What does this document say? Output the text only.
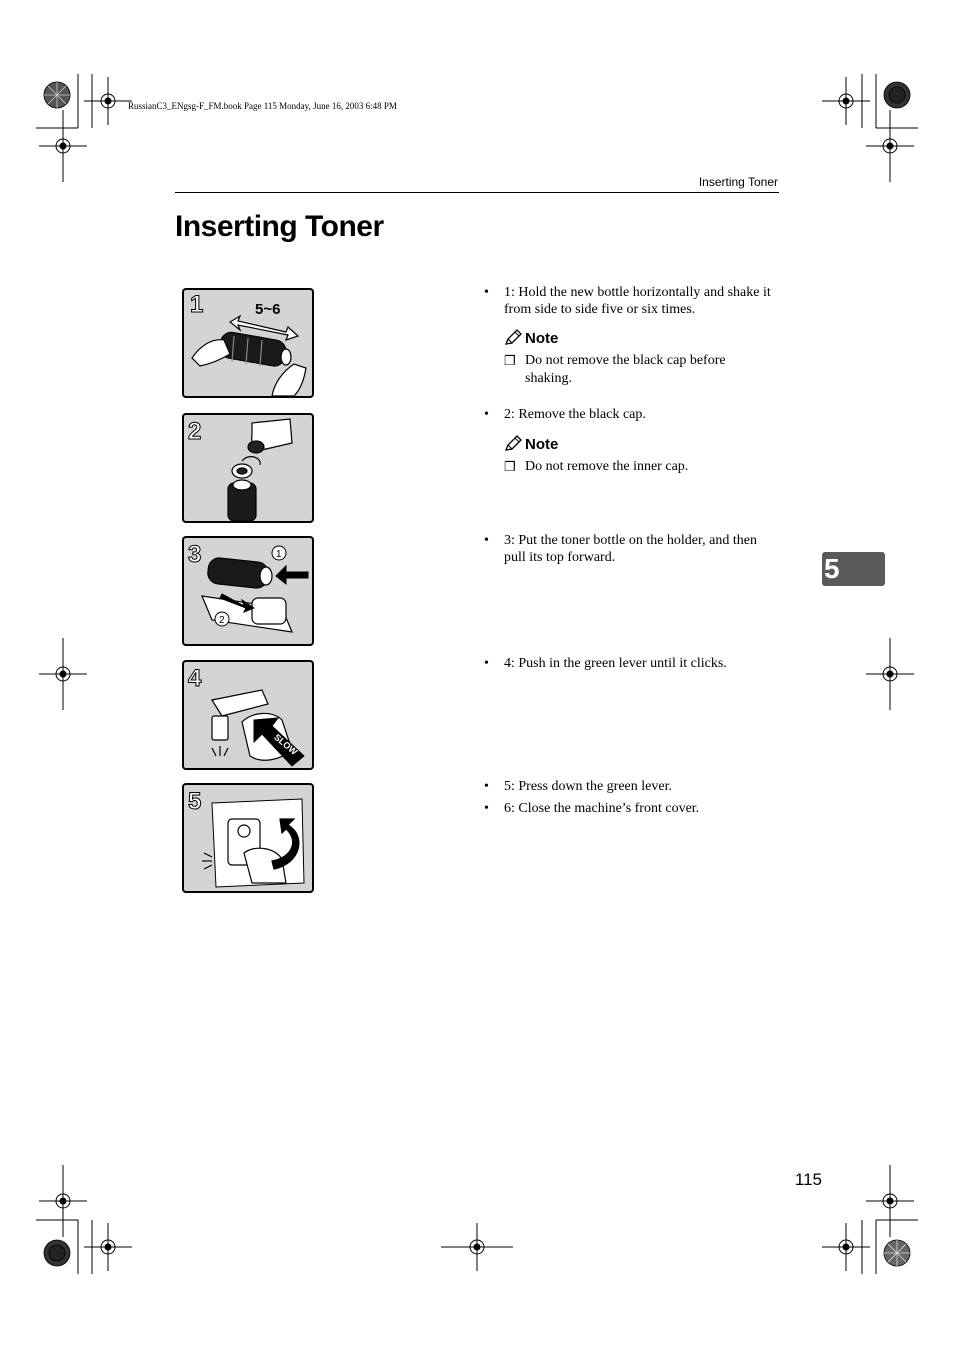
RussianC3_ENgsg-F_FM.book Page 115 Monday, June 16, 2003 6:48 PM
Inserting Toner
Inserting Toner
5
1	5~6
2
3	1
2
4
SLOW
5
• 1: Hold the new bottle horizontally and shake it from side to side five or six times.
Note
❒ Do not remove the black cap before shaking.
• 2: Remove the black cap.
Note
❒ Do not remove the inner cap.
• 3: Put the toner bottle on the holder, and then pull its top forward.
• 4: Push in the green lever until it clicks.
• 5: Press down the green lever.
• 6: Close the machine’s front cover.
115
